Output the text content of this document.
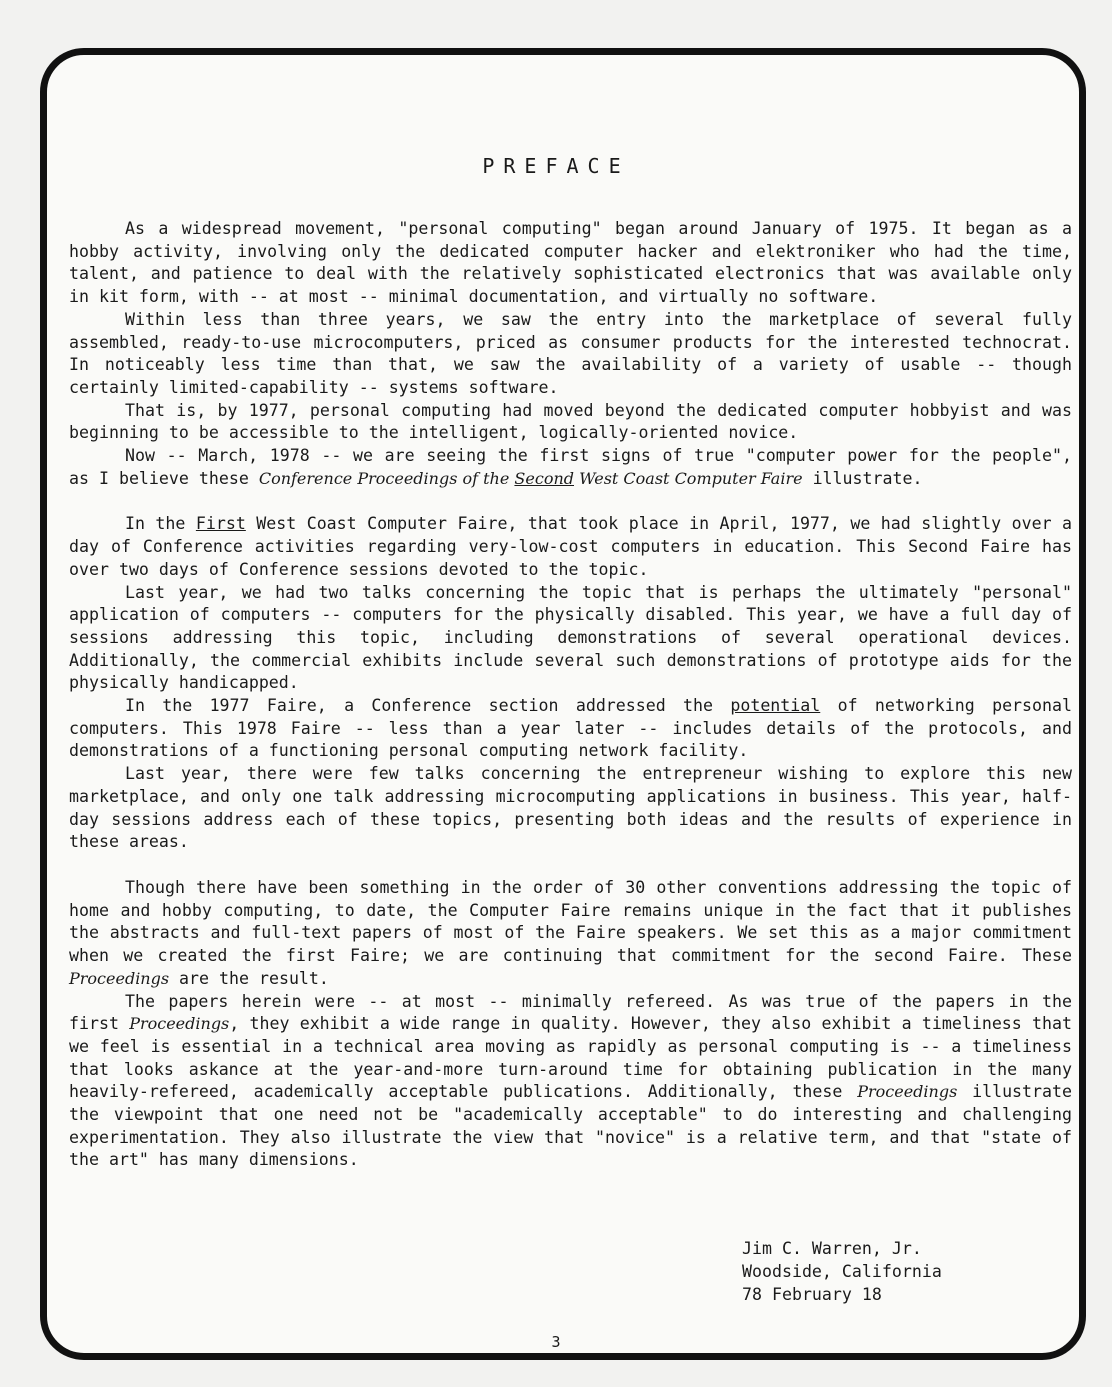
PREFACE

As a widespread movement, "personal computing" began around January of 1975. It began as a hobby activity, involving only the dedicated computer hacker and elektroniker who had the time, talent, and patience to deal with the relatively sophisticated electronics that was available only in kit form, with -- at most -- minimal documentation, and virtually no software.

Within less than three years, we saw the entry into the marketplace of several fully assembled, ready-to-use microcomputers, priced as consumer products for the interested technocrat. In noticeably less time than that, we saw the availability of a variety of usable -- though certainly limited-capability -- systems software.

That is, by 1977, personal computing had moved beyond the dedicated computer hobbyist and was beginning to be accessible to the intelligent, logically-oriented novice.

Now -- March, 1978 -- we are seeing the first signs of true "computer power for the people", as I believe these Conference Proceedings of the Second West Coast Computer Faire illustrate.

In the First West Coast Computer Faire, that took place in April, 1977, we had slightly over a day of Conference activities regarding very-low-cost computers in education. This Second Faire has over two days of Conference sessions devoted to the topic.

Last year, we had two talks concerning the topic that is perhaps the ultimately "personal" application of computers -- computers for the physically disabled. This year, we have a full day of sessions addressing this topic, including demonstrations of several operational devices. Additionally, the commercial exhibits include several such demonstrations of prototype aids for the physically handicapped.

In the 1977 Faire, a Conference section addressed the potential of networking personal computers. This 1978 Faire -- less than a year later -- includes details of the protocols, and demonstrations of a functioning personal computing network facility.

Last year, there were few talks concerning the entrepreneur wishing to explore this new marketplace, and only one talk addressing microcomputing applications in business. This year, half-day sessions address each of these topics, presenting both ideas and the results of experience in these areas.

Though there have been something in the order of 30 other conventions addressing the topic of home and hobby computing, to date, the Computer Faire remains unique in the fact that it publishes the abstracts and full-text papers of most of the Faire speakers. We set this as a major commitment when we created the first Faire; we are continuing that commitment for the second Faire. These Proceedings are the result.

The papers herein were -- at most -- minimally refereed. As was true of the papers in the first Proceedings, they exhibit a wide range in quality. However, they also exhibit a timeliness that we feel is essential in a technical area moving as rapidly as personal computing is -- a timeliness that looks askance at the year-and-more turn-around time for obtaining publication in the many heavily-refereed, academically acceptable publications. Additionally, these Proceedings illustrate the viewpoint that one need not be "academically acceptable" to do interesting and challenging experimentation. They also illustrate the view that "novice" is a relative term, and that "state of the art" has many dimensions.

Jim C. Warren, Jr.
Woodside, California
78 February 18
3
